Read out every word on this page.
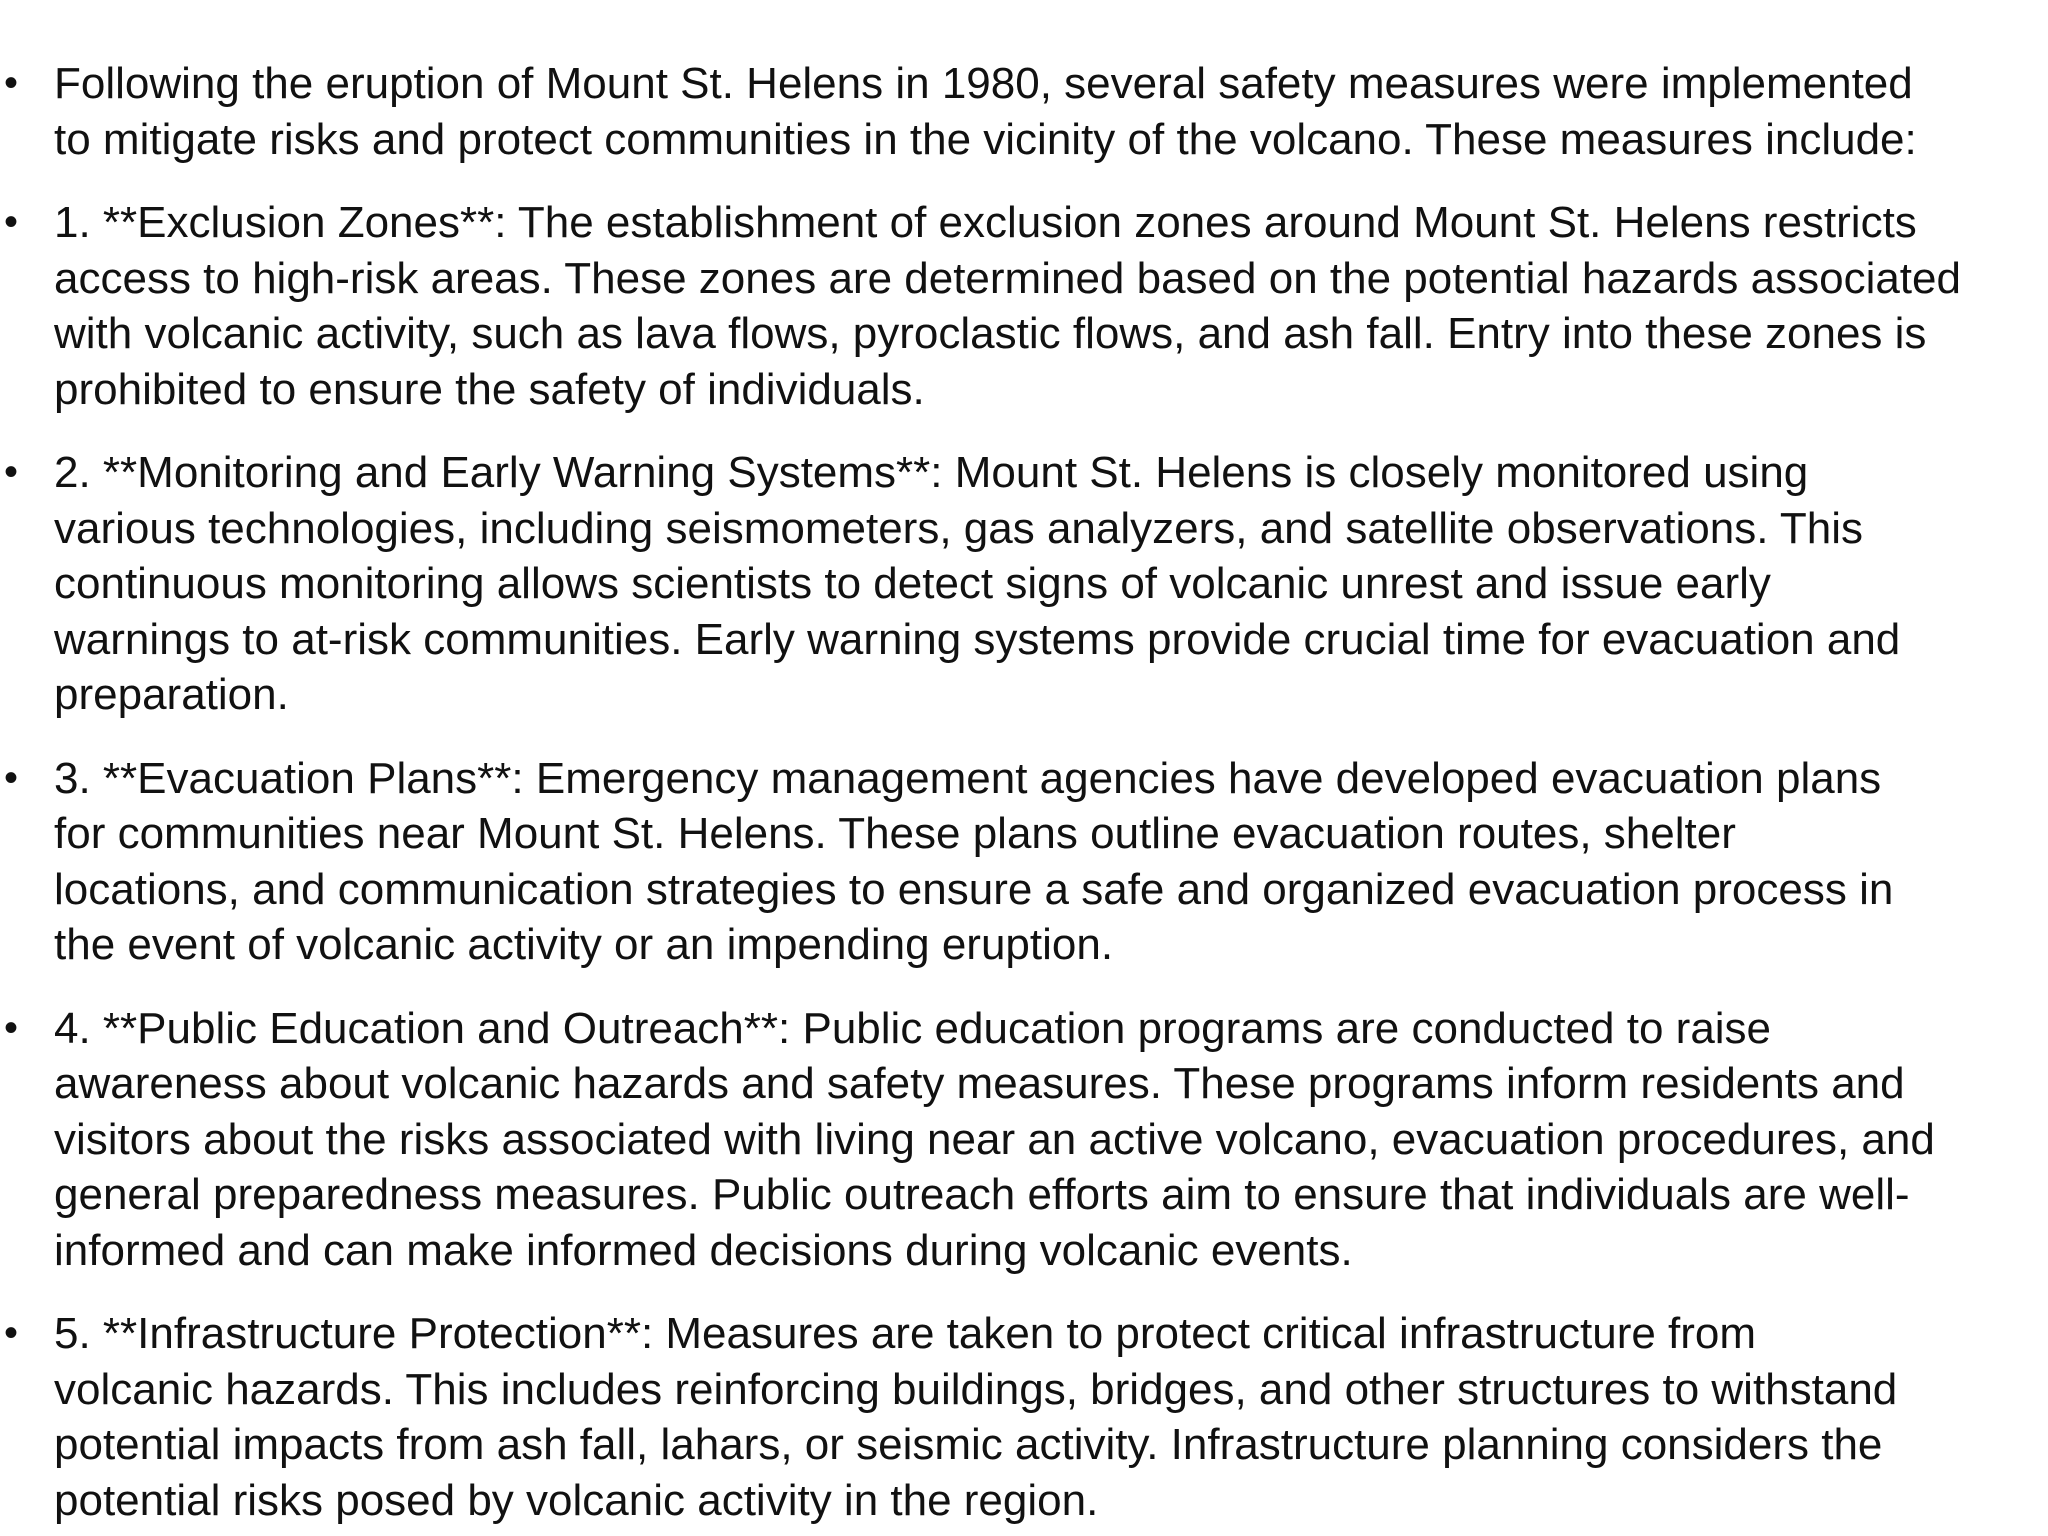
• Following the eruption of Mount St. Helens in 1980, several safety measures were implemented
to mitigate risks and protect communities in the vicinity of the volcano. These measures include:
• 1. **Exclusion Zones**: The establishment of exclusion zones around Mount St. Helens restricts
access to high-risk areas. These zones are determined based on the potential hazards associated
with volcanic activity, such as lava flows, pyroclastic flows, and ash fall. Entry into these zones is
prohibited to ensure the safety of individuals.
• 2. **Monitoring and Early Warning Systems**: Mount St. Helens is closely monitored using
various technologies, including seismometers, gas analyzers, and satellite observations. This
continuous monitoring allows scientists to detect signs of volcanic unrest and issue early
warnings to at-risk communities. Early warning systems provide crucial time for evacuation and
preparation.
• 3. **Evacuation Plans**: Emergency management agencies have developed evacuation plans
for communities near Mount St. Helens. These plans outline evacuation routes, shelter
locations, and communication strategies to ensure a safe and organized evacuation process in
the event of volcanic activity or an impending eruption.
• 4. **Public Education and Outreach**: Public education programs are conducted to raise
awareness about volcanic hazards and safety measures. These programs inform residents and
visitors about the risks associated with living near an active volcano, evacuation procedures, and
general preparedness measures. Public outreach efforts aim to ensure that individuals are well-
informed and can make informed decisions during volcanic events.
• 5. **Infrastructure Protection**: Measures are taken to protect critical infrastructure from
volcanic hazards. This includes reinforcing buildings, bridges, and other structures to withstand
potential impacts from ash fall, lahars, or seismic activity. Infrastructure planning considers the
potential risks posed by volcanic activity in the region.
